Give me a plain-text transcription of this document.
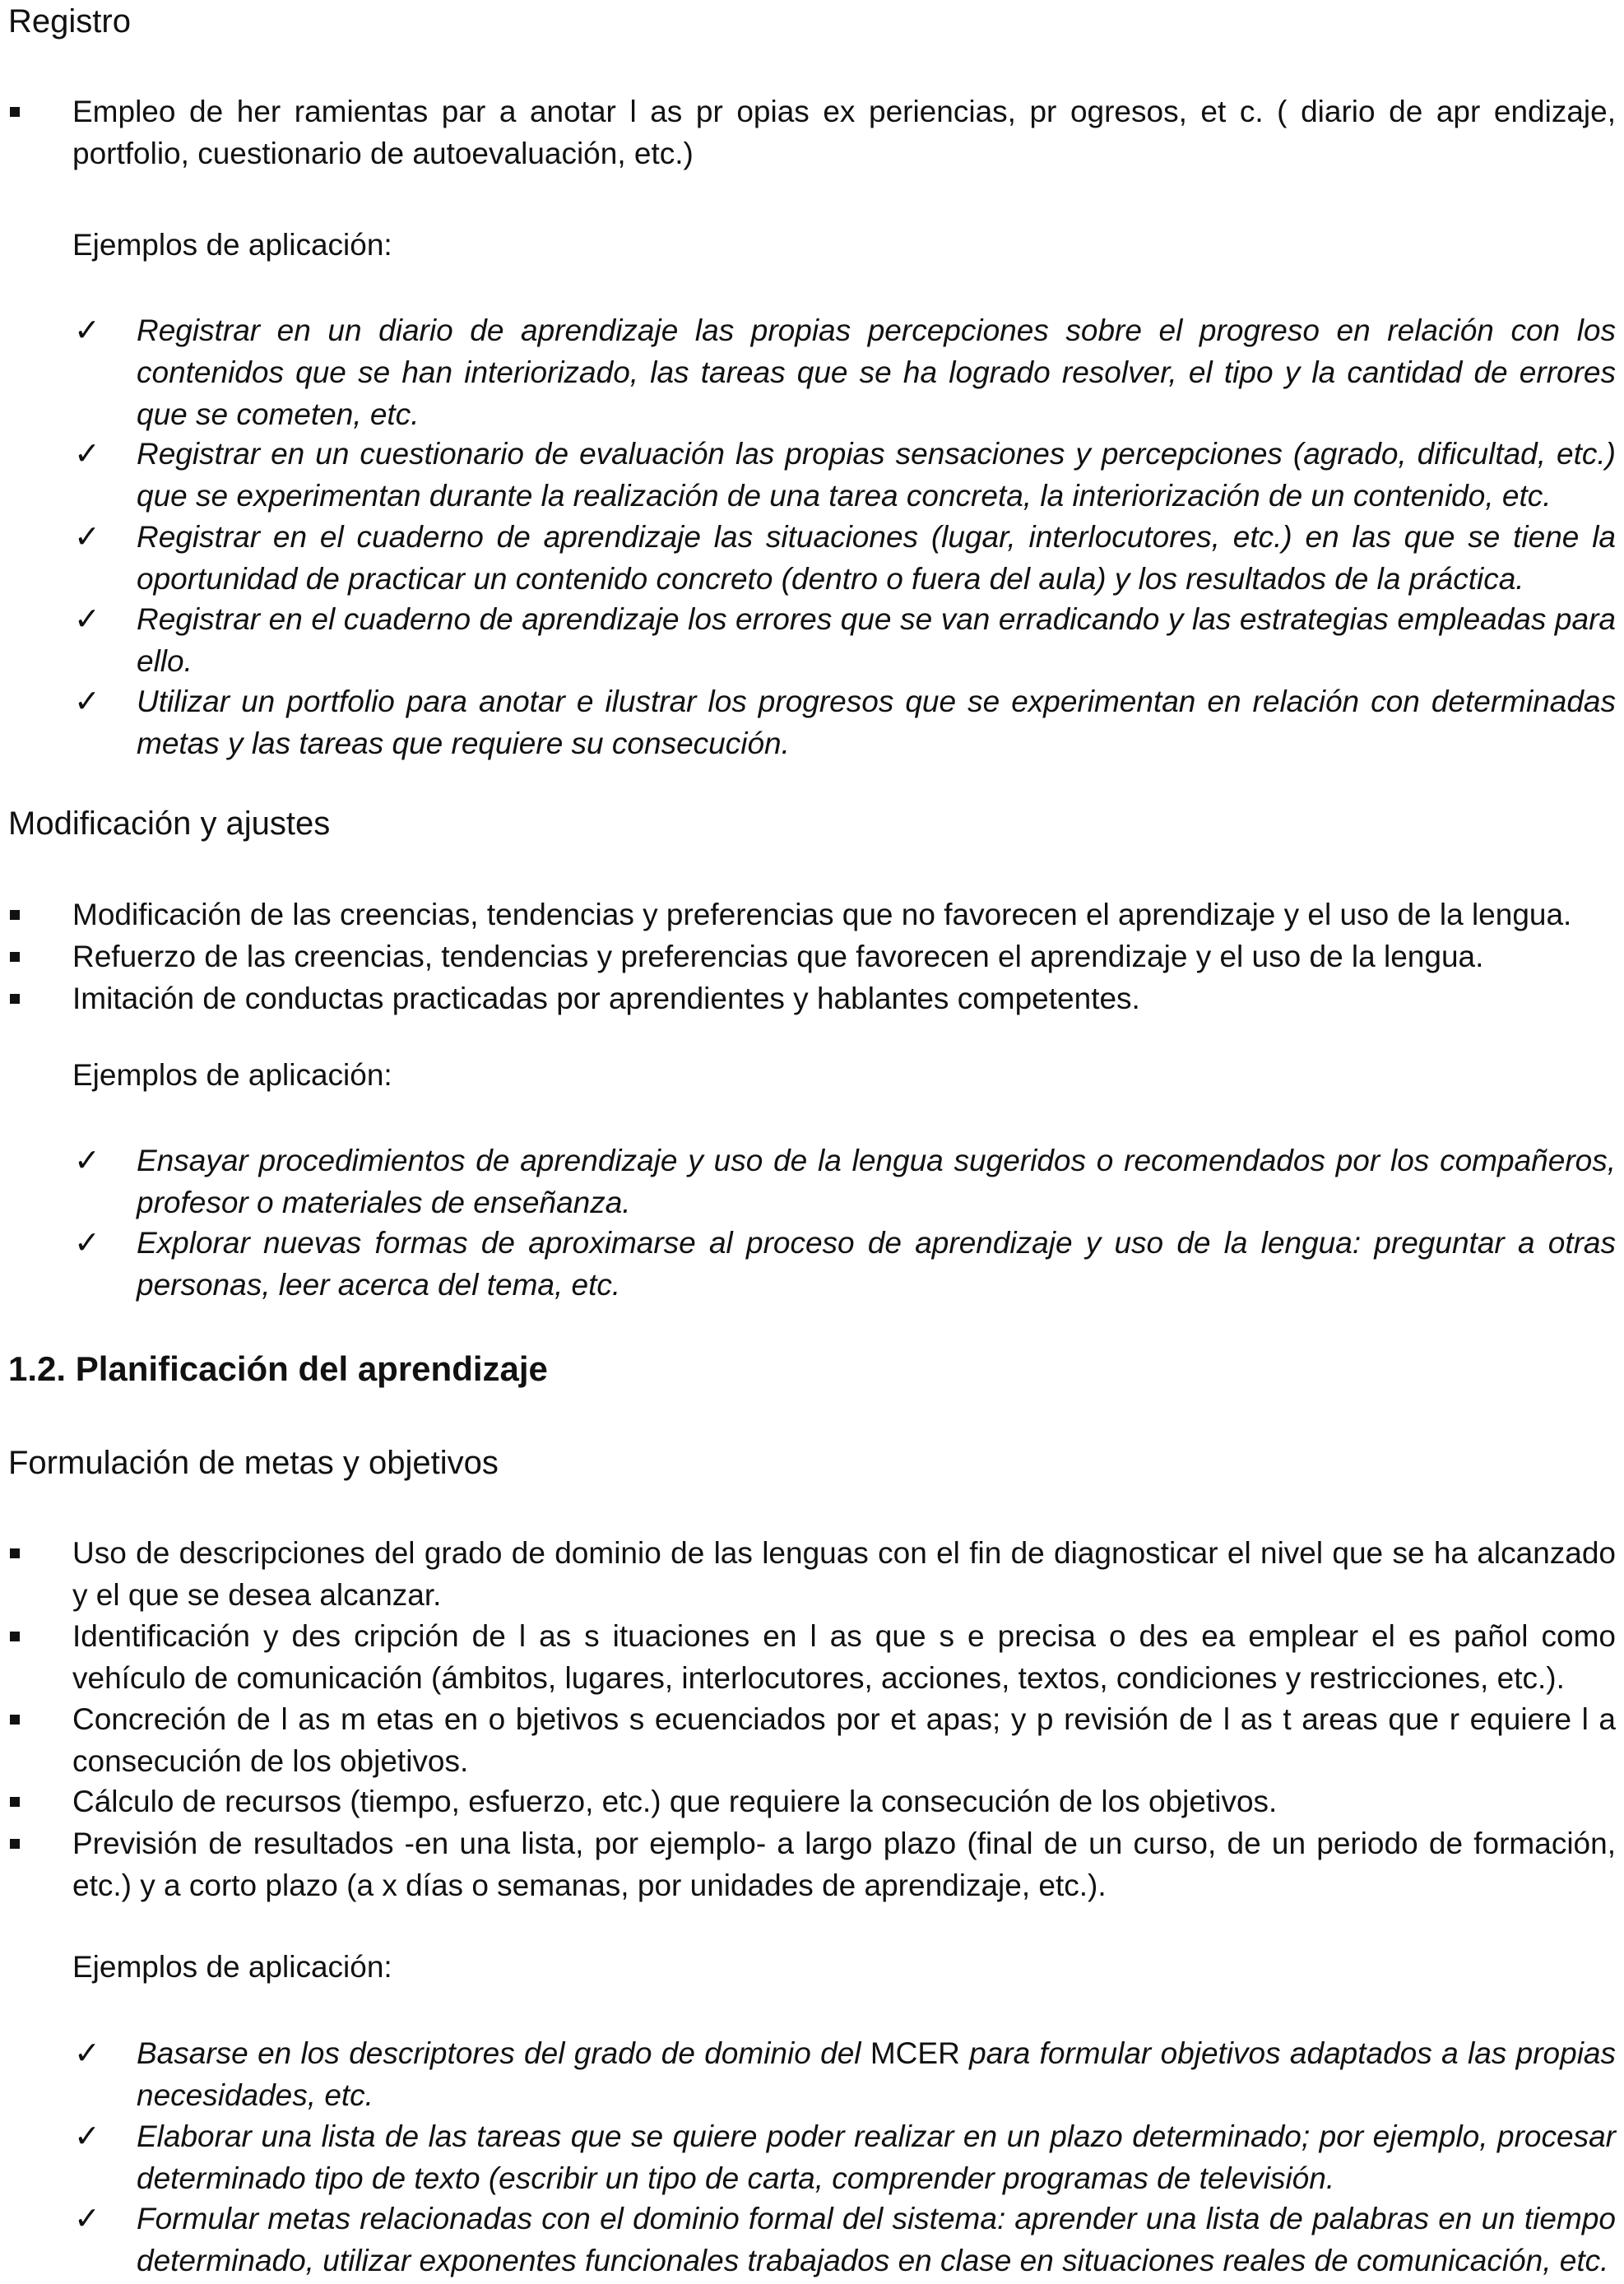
Registro
Empleo de her ramientas par a anotar l as pr opias ex periencias, pr ogresos, et c. ( diario de apr endizaje, portfolio, cuestionario de autoevaluación, etc.)
Ejemplos de aplicación:
✓	Registrar en un diario de aprendizaje las propias percepciones sobre el progreso en relación con los contenidos que se han interiorizado, las tareas que se ha logrado resolver, el tipo y la cantidad de errores que se cometen, etc.
✓	Registrar en un cuestionario de evaluación las propias sensaciones y percepciones (agrado, dificultad, etc.) que se experimentan durante la realización de una tarea concreta, la interiorización de un contenido, etc.
✓	Registrar en el cuaderno de aprendizaje las situaciones (lugar, interlocutores, etc.) en las que se tiene la oportunidad de practicar un contenido concreto (dentro o fuera del aula) y los resultados de la práctica.
✓	Registrar en el cuaderno de aprendizaje los errores que se van erradicando y las estrategias empleadas para ello.
✓	Utilizar un portfolio para anotar e ilustrar los progresos que se experimentan en relación con determinadas metas y las tareas que requiere su consecución.
Modificación y ajustes
Modificación de las creencias, tendencias y preferencias que no favorecen el aprendizaje y el uso de la lengua.
Refuerzo de las creencias, tendencias y preferencias que favorecen el aprendizaje y el uso de la lengua.
Imitación de conductas practicadas por aprendientes y hablantes competentes.
Ejemplos de aplicación:
✓	Ensayar procedimientos de aprendizaje y uso de la lengua sugeridos o recomendados por los compañeros, profesor o materiales de enseñanza.
✓	Explorar nuevas formas de aproximarse al proceso de aprendizaje y uso de la lengua: preguntar a otras personas, leer acerca del tema, etc.
1.2. Planificación del aprendizaje
Formulación de metas y objetivos
Uso de descripciones del grado de dominio de las lenguas con el fin de diagnosticar el nivel que se ha alcanzado y el que se desea alcanzar.
Identificación y des cripción de l as s ituaciones en l as que s e precisa o des ea emplear el es pañol como vehículo de comunicación (ámbitos, lugares, interlocutores, acciones, textos, condiciones y restricciones, etc.).
Concreción de l as m etas en o bjetivos s ecuenciados por et apas; y p revisión de l as t areas que r equiere l a consecución de los objetivos.
Cálculo de recursos (tiempo, esfuerzo, etc.) que requiere la consecución de los objetivos.
Previsión de resultados -en una lista, por ejemplo- a largo plazo (final de un curso, de un periodo de formación, etc.) y a corto plazo (a x días o semanas, por unidades de aprendizaje, etc.).
Ejemplos de aplicación:
✓	Basarse en los descriptores del grado de dominio del MCER para formular objetivos adaptados a las propias necesidades, etc.
✓	Elaborar una lista de las tareas que se quiere poder realizar en un plazo determinado; por ejemplo, procesar determinado tipo de texto (escribir un tipo de carta, comprender programas de televisión.
✓	Formular metas relacionadas con el dominio formal del sistema: aprender una lista de palabras en un tiempo determinado, utilizar exponentes funcionales trabajados en clase en situaciones reales de comunicación, etc.
